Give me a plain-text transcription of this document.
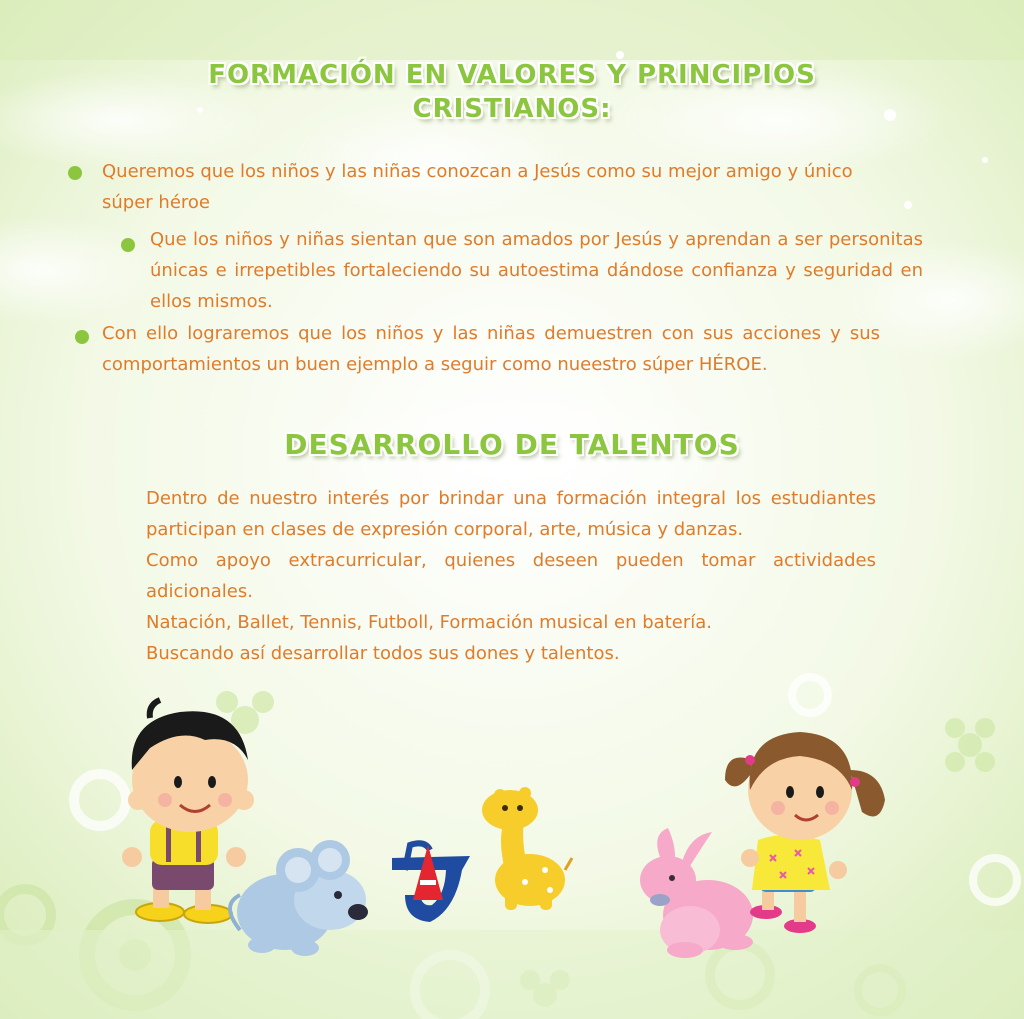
FORMACIÓN EN VALORES Y PRINCIPIOS
CRISTIANOS:

Queremos que los niños y las niñas conozcan a Jesús como su mejor amigo y único súper héroe

Que los niños y niñas sientan que son amados por Jesús y aprendan a ser personitas únicas e irrepetibles fortaleciendo su autoestima dándose confianza y seguridad en ellos mismos.

Con ello lograremos que los niños y las niñas demuestren con sus acciones y sus comportamientos un buen ejemplo a seguir como nueestro súper HÉROE.

DESARROLLO DE TALENTOS

Dentro de nuestro interés por brindar una formación integral los estudiantes participan en clases de expresión corporal, arte, música y danzas.

Como apoyo extracurricular, quienes deseen pueden tomar actividades adicionales.

Natación, Ballet, Tennis, Futboll, Formación musical en batería.

Buscando así desarrollar todos sus dones y talentos.
